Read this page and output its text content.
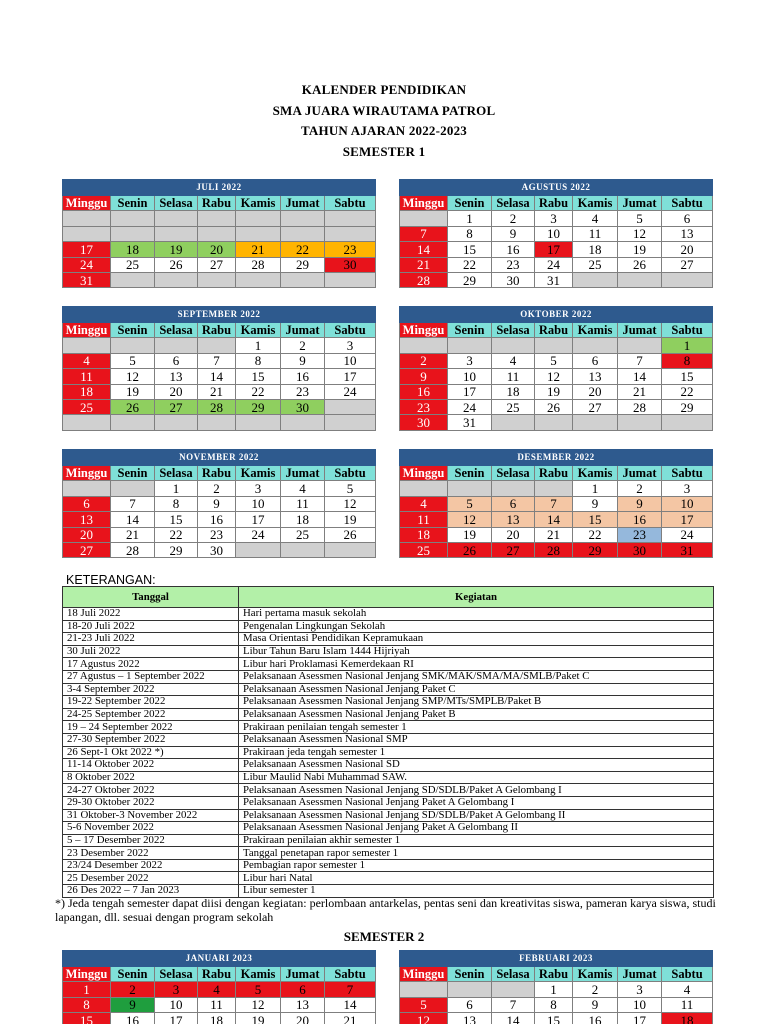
KALENDER PENDIDIKAN
SMA JUARA WIRAUTAMA PATROL
TAHUN AJARAN 2022-2023
SEMESTER 1
JULI 2022						
Minggu	Senin	Selasa	Rabu	Kamis	Jumat	Sabtu

17	18	19	20	21	22	23
24	25	26	27	28	29	30
31						
AGUSTUS 2022						
Minggu	Senin	Selasa	Rabu	Kamis	Jumat	Sabtu
	1	2	3	4	5	6
7	8	9	10	11	12	13
14	15	16	17	18	19	20
21	22	23	24	25	26	27
28	29	30	31			
SEPTEMBER 2022						
Minggu	Senin	Selasa	Rabu	Kamis	Jumat	Sabtu
				1	2	3
4	5	6	7	8	9	10
11	12	13	14	15	16	17
18	19	20	21	22	23	24
25	26	27	28	29	30	

OKTOBER 2022						
Minggu	Senin	Selasa	Rabu	Kamis	Jumat	Sabtu
						1
2	3	4	5	6	7	8
9	10	11	12	13	14	15
16	17	18	19	20	21	22
23	24	25	26	27	28	29
30	31					
NOVEMBER 2022						
Minggu	Senin	Selasa	Rabu	Kamis	Jumat	Sabtu
		1	2	3	4	5
6	7	8	9	10	11	12
13	14	15	16	17	18	19
20	21	22	23	24	25	26
27	28	29	30			
DESEMBER 2022						
Minggu	Senin	Selasa	Rabu	Kamis	Jumat	Sabtu
				1	2	3
4	5	6	7	9	9	10
11	12	13	14	15	16	17
18	19	20	21	22	23	24
25	26	27	28	29	30	31
JANUARI 2023						
Minggu	Senin	Selasa	Rabu	Kamis	Jumat	Sabtu
1	2	3	4	5	6	7
8	9	10	11	12	13	14
15	16	17	18	19	20	21
FEBRUARI 2023						
Minggu	Senin	Selasa	Rabu	Kamis	Jumat	Sabtu
			1	2	3	4
5	6	7	8	9	10	11
12	13	14	15	16	17	18
KETERANGAN:
Tanggal	Kegiatan
18 Juli 2022	Hari pertama masuk sekolah
18-20 Juli 2022	Pengenalan Lingkungan Sekolah
21-23 Juli 2022	Masa Orientasi Pendidikan Kepramukaan
30 Juli 2022	Libur Tahun Baru Islam 1444 Hijriyah
17 Agustus 2022	Libur hari Proklamasi Kemerdekaan RI
27 Agustus – 1 September 2022	Pelaksanaan Asessmen Nasional Jenjang SMK/MAK/SMA/MA/SMLB/Paket C
3-4 September 2022	Pelaksanaan Asessmen Nasional Jenjang Paket C
19-22 September 2022	Pelaksanaan Asessmen Nasional Jenjang SMP/MTs/SMPLB/Paket B
24-25 September 2022	Pelaksanaan Asessmen Nasional Jenjang Paket B
19 – 24 September 2022	Prakiraan penilaian tengah semester 1
27-30 September 2022	Pelaksanaan Asessmen Nasional SMP
26 Sept-1 Okt 2022 *)	Prakiraan jeda tengah semester 1
11-14 Oktober 2022	Pelaksanaan Asessmen Nasional SD
8 Oktober 2022	Libur Maulid Nabi Muhammad SAW.
24-27 Oktober 2022	Pelaksanaan Asessmen Nasional Jenjang SD/SDLB/Paket A Gelombang I
29-30 Oktober 2022	Pelaksanaan Asessmen Nasional Jenjang Paket A Gelombang I
31 Oktober-3 November 2022	Pelaksanaan Asessmen Nasional Jenjang SD/SDLB/Paket A Gelombang II
5-6 November 2022	Pelaksanaan Asessmen Nasional Jenjang Paket A Gelombang II
5 – 17 Desember 2022	Prakiraan penilaian akhir semester 1
23 Desember 2022	Tanggal penetapan rapor semester 1
23/24 Desember 2022	Pembagian rapor semester 1
25 Desember 2022	Libur hari Natal
26 Des 2022 – 7 Jan 2023	Libur semester 1
*) Jeda tengah semester dapat diisi dengan kegiatan: perlombaan antarkelas, pentas seni dan kreativitas siswa, pameran karya siswa, studi lapangan, dll. sesuai dengan program sekolah
SEMESTER 2
